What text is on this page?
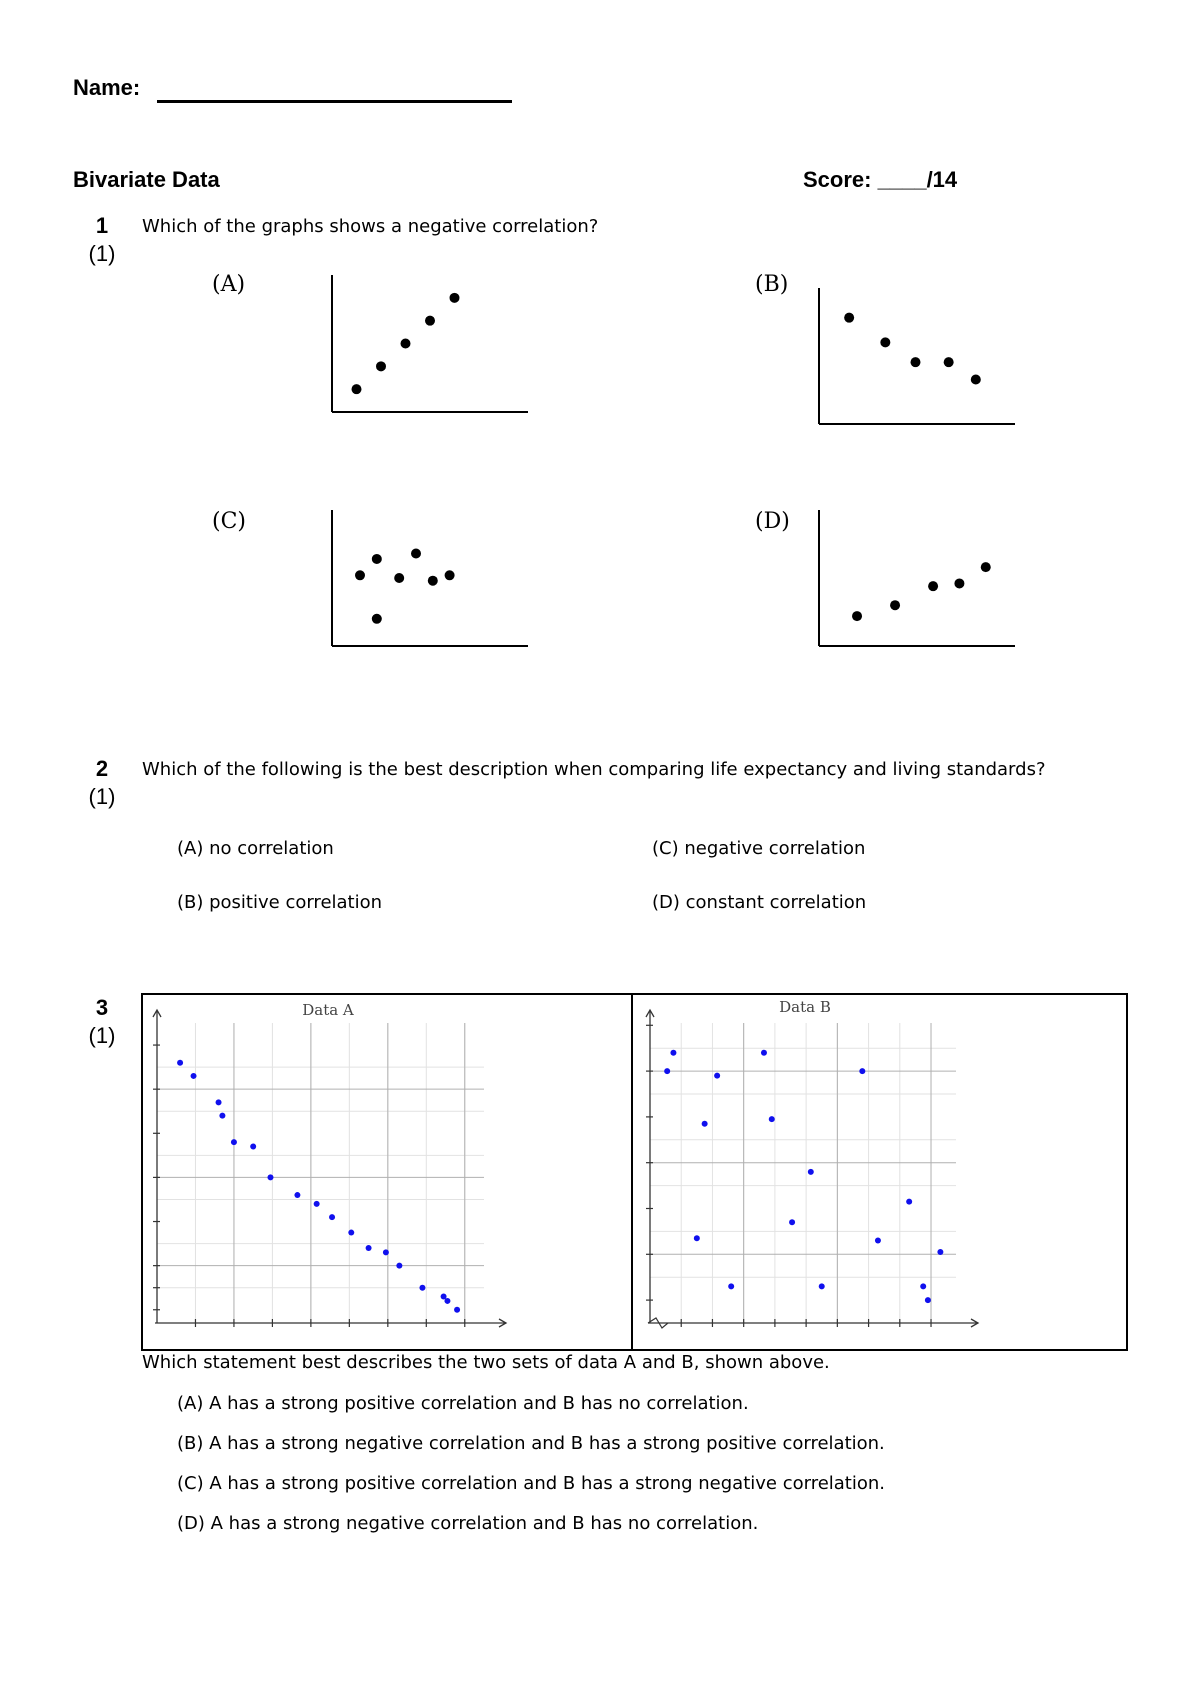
Name:
Bivariate Data	Score: ____/14
1
(1)
Which of the graphs shows a negative correlation?
(A)	(B)
(C)	(D)
2
(1)
Which of the following is the best description when comparing life expectancy and living standards?
(A) no correlation
(B) positive correlation
(C) negative correlation
(D) constant correlation
3
(1)
Data A	Data B
Which statement best describes the two sets of data A and B, shown above.
(A) A has a strong positive correlation and B has no correlation.
(B) A has a strong negative correlation and B has a strong positive correlation.
(C) A has a strong positive correlation and B has a strong negative correlation.
(D) A has a strong negative correlation and B has no correlation.
